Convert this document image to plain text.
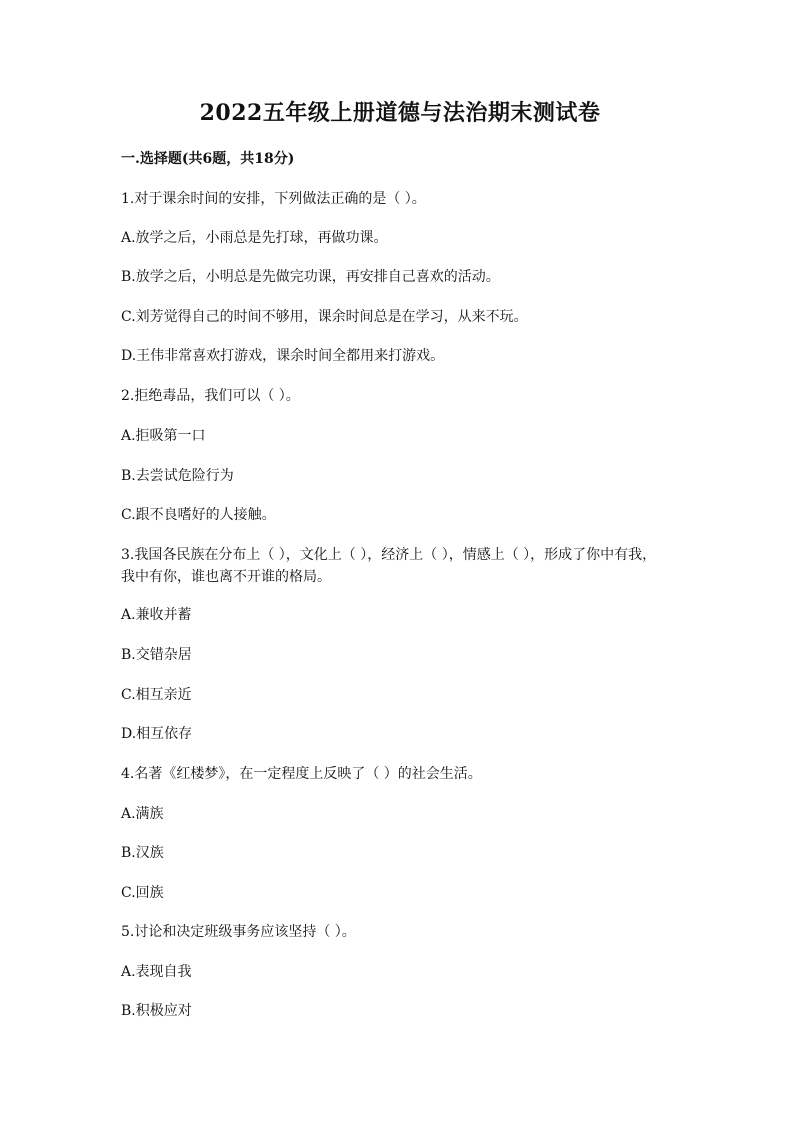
2022五年级上册道德与法治期末测试卷
一.选择题(共6题，共18分)
1.对于课余时间的安排，下列做法正确的是（ ）。
A.放学之后，小雨总是先打球，再做功课。
B.放学之后，小明总是先做完功课，再安排自己喜欢的活动。
C.刘芳觉得自己的时间不够用，课余时间总是在学习，从来不玩。
D.王伟非常喜欢打游戏，课余时间全都用来打游戏。
2.拒绝毒品，我们可以（ ）。
A.拒吸第一口
B.去尝试危险行为
C.跟不良嗜好的人接触。
3.我国各民族在分布上（ ），文化上（ ），经济上（ ），情感上（ ），形成了你中有我，我中有你，谁也离不开谁的格局。
A.兼收并蓄
B.交错杂居
C.相互亲近
D.相互依存
4.名著《红楼梦》，在一定程度上反映了（ ）的社会生活。
A.满族
B.汉族
C.回族
5.讨论和决定班级事务应该坚持（ ）。
A.表现自我
B.积极应对
